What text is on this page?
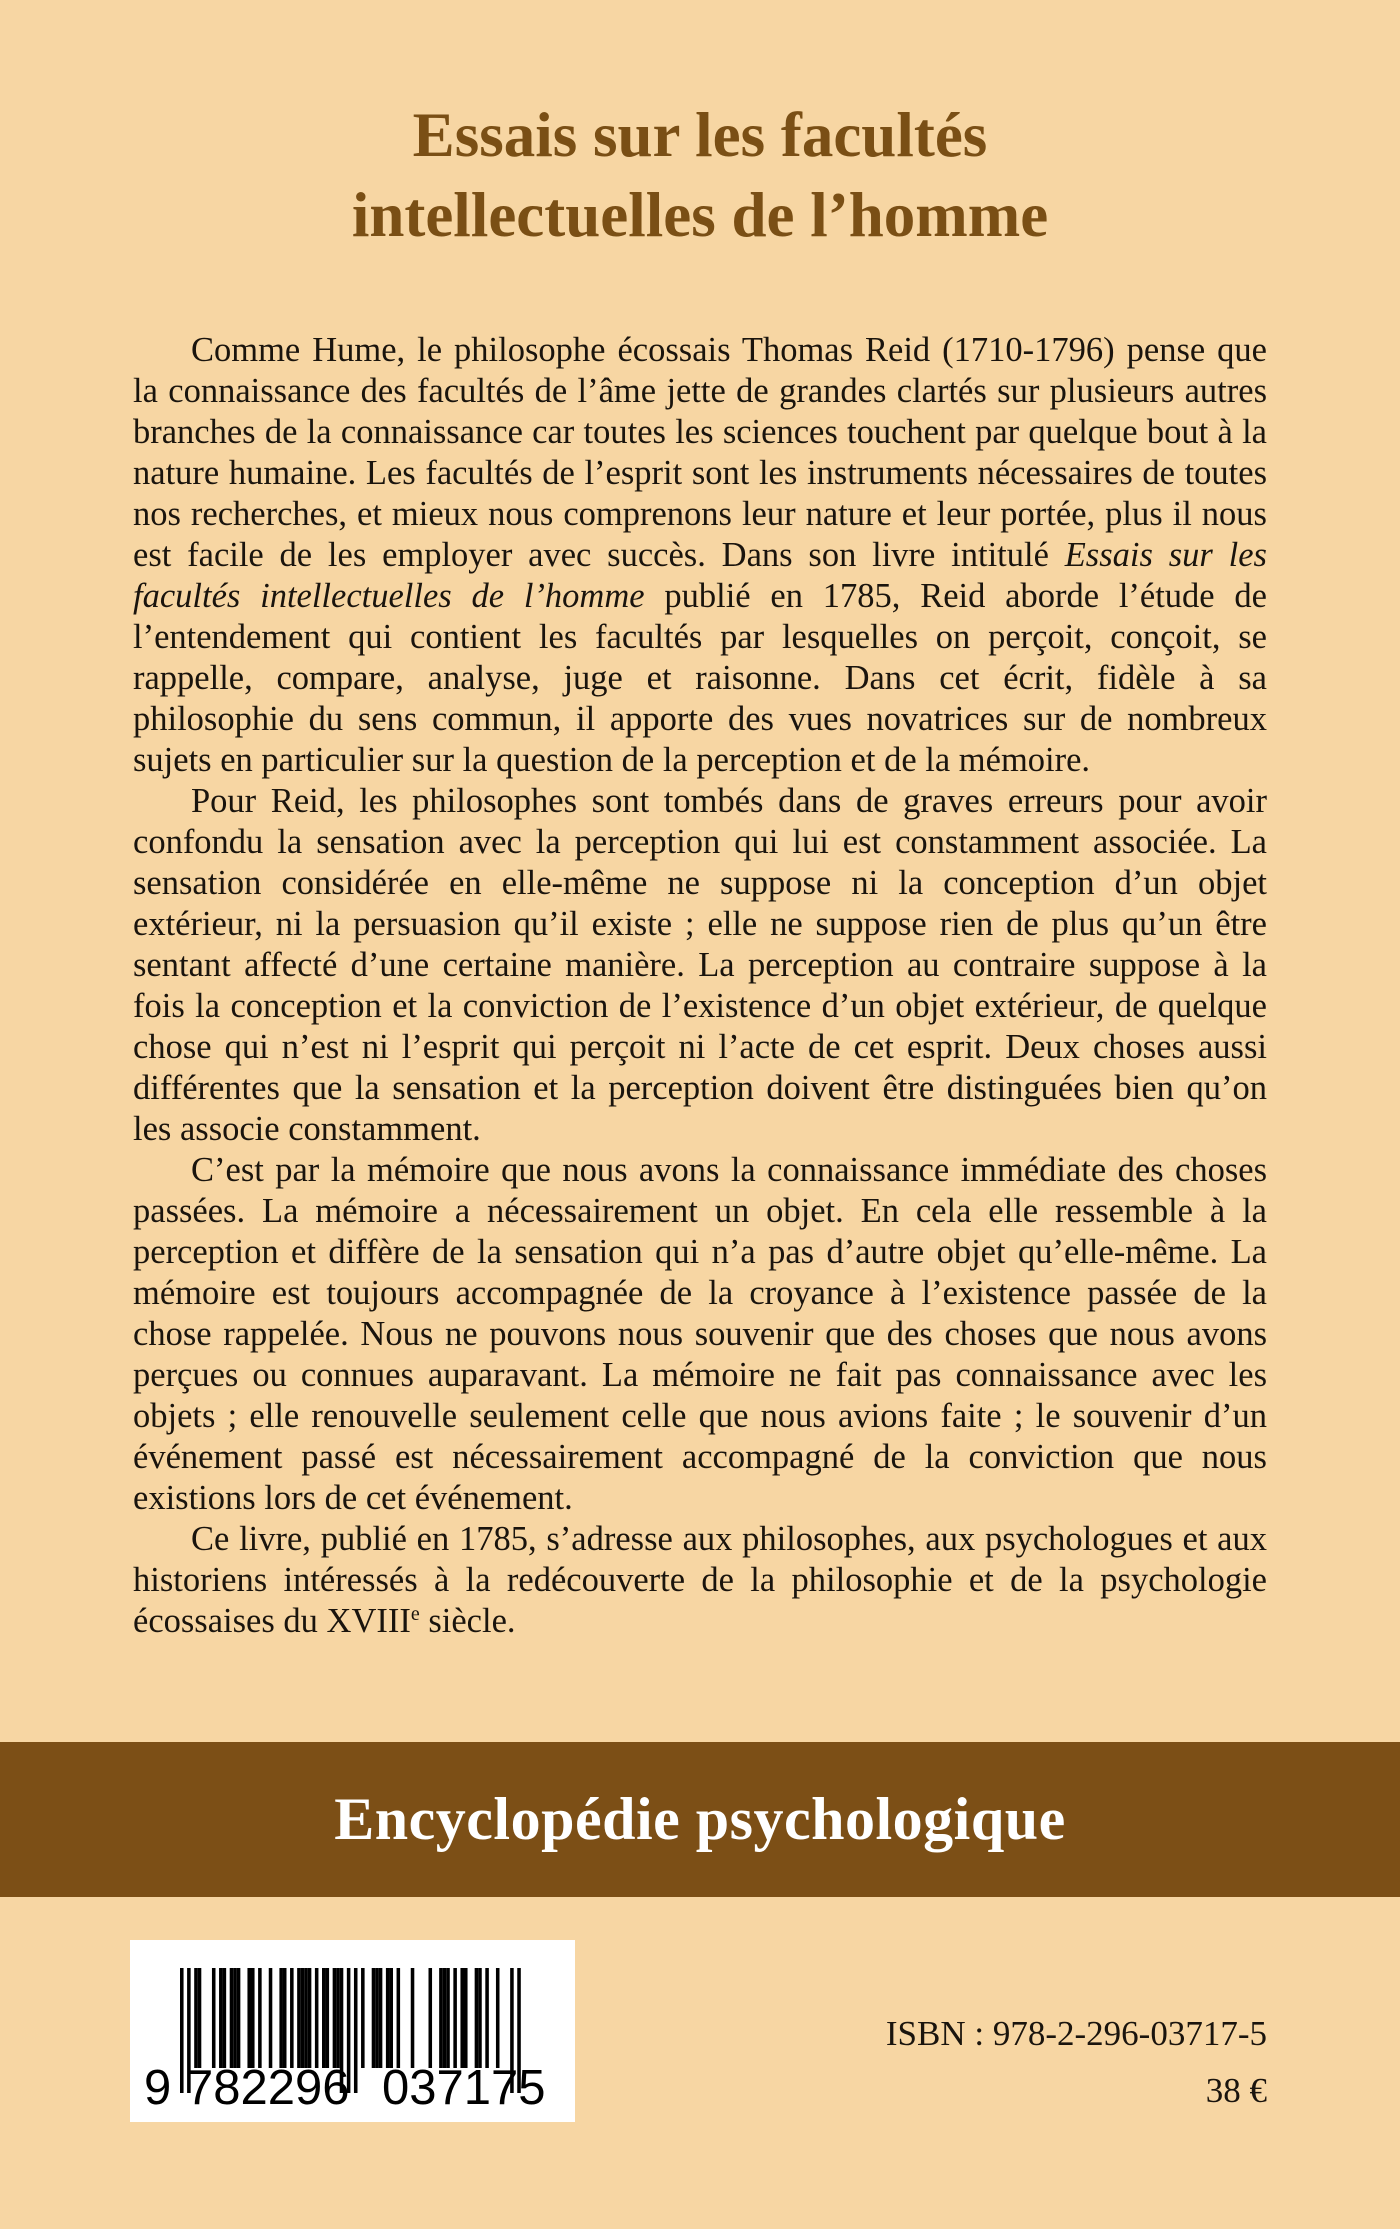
Essais sur les facultés
intellectuelles de l’homme

Comme Hume, le philosophe écossais Thomas Reid (1710-1796) pense que la connaissance des facultés de l’âme jette de grandes clartés sur plusieurs autres branches de la connaissance car toutes les sciences touchent par quelque bout à la nature humaine. Les facultés de l’esprit sont les instruments nécessaires de toutes nos recherches, et mieux nous comprenons leur nature et leur portée, plus il nous est facile de les employer avec succès. Dans son livre intitulé Essais sur les facultés intellectuelles de l’homme publié en 1785, Reid aborde l’étude de l’entendement qui contient les facultés par lesquelles on perçoit, conçoit, se rappelle, compare, analyse, juge et raisonne. Dans cet écrit, fidèle à sa philosophie du sens commun, il apporte des vues novatrices sur de nombreux sujets en particulier sur la question de la perception et de la mémoire.

Pour Reid, les philosophes sont tombés dans de graves erreurs pour avoir confondu la sensation avec la perception qui lui est constamment associée. La sensation considérée en elle-même ne suppose ni la conception d’un objet extérieur, ni la persuasion qu’il existe ; elle ne suppose rien de plus qu’un être sentant affecté d’une certaine manière. La perception au contraire suppose à la fois la conception et la conviction de l’existence d’un objet extérieur, de quelque chose qui n’est ni l’esprit qui perçoit ni l’acte de cet esprit. Deux choses aussi différentes que la sensation et la perception doivent être distinguées bien qu’on les associe constamment.

C’est par la mémoire que nous avons la connaissance immédiate des choses passées. La mémoire a nécessairement un objet. En cela elle ressemble à la perception et diffère de la sensation qui n’a pas d’autre objet qu’elle-même. La mémoire est toujours accompagnée de la croyance à l’existence passée de la chose rappelée. Nous ne pouvons nous souvenir que des choses que nous avons perçues ou connues auparavant. La mémoire ne fait pas connaissance avec les objets ; elle renouvelle seulement celle que nous avions faite ; le souvenir d’un événement passé est nécessairement accompagné de la conviction que nous existions lors de cet événement.

Ce livre, publié en 1785, s’adresse aux philosophes, aux psychologues et aux historiens intéressés à la redécouverte de la philosophie et de la psychologie écossaises du XVIIIe siècle.

Encyclopédie psychologique
9 782296 037175

ISBN : 978-2-296-03717-5

38 €
